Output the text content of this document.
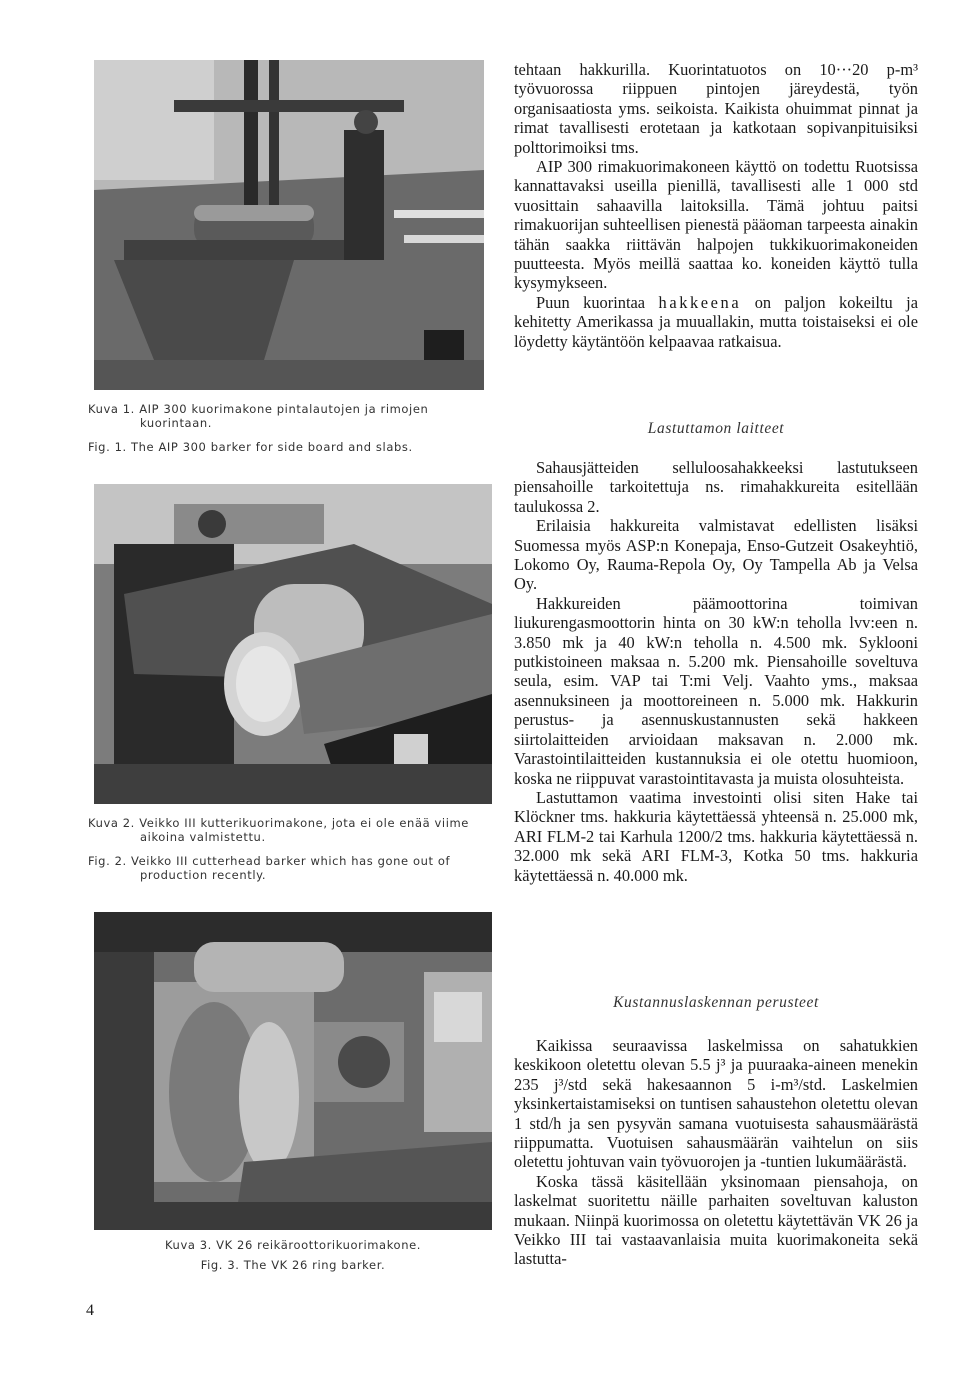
Kuva 1. AIP 300 kuorimakone pintalautojen ja rimojen kuorintaan.

Fig. 1. The AIP 300 barker for side board and slabs.

Kuva 2. Veikko III kutterikuorimakone, jota ei ole enää viime aikoina valmistettu.

Fig. 2. Veikko III cutterhead barker which has gone out of production recently.

Kuva 3. VK 26 reikäroottorikuorimakone.

Fig. 3. The VK 26 ring barker.

tehtaan hakkurilla. Kuorintatuotos on 10···20 p-m³ työvuorossa riippuen pintojen järeydestä, työn organisaatiosta yms. seikoista. Kaikista ohuimmat pinnat ja rimat tavallisesti erotetaan ja katkotaan sopivanpituisiksi polttorimoiksi tms.

AIP 300 rimakuorimakoneen käyttö on todettu Ruotsissa kannattavaksi useilla pienillä, tavallisesti alle 1 000 std vuosittain sahaavilla laitoksilla. Tämä johtuu paitsi rimakuorijan suhteellisen pienestä pääoman tarpeesta ainakin tähän saakka riittävän halpojen tukkikuorimakoneiden puutteesta. Myös meillä saattaa ko. koneiden käyttö tulla kysymykseen.

Puun kuorintaa hakkeena on paljon kokeiltu ja kehitetty Amerikassa ja muuallakin, mutta toistaiseksi ei ole löydetty käytäntöön kelpaavaa ratkaisua.

Lastuttamon laitteet

Sahausjätteiden selluloosahakkeeksi lastutukseen piensahoille tarkoitettuja ns. rimahakkureita esitellään taulukossa 2.

Erilaisia hakkureita valmistavat edellisten lisäksi Suomessa myös ASP:n Konepaja, Enso-Gutzeit Osakeyhtiö, Lokomo Oy, Rauma-Repola Oy, Oy Tampella Ab ja Velsa Oy.

Hakkureiden päämoottorina toimivan liukurengasmoottorin hinta on 30 kW:n teholla lvv:een n. 3.850 mk ja 40 kW:n teholla n. 4.500 mk. Syklooni putkistoineen maksaa n. 5.200 mk. Piensahoille soveltuva seula, esim. VAP tai T:mi Velj. Vaahto yms., maksaa asennuksineen ja moottoreineen n. 5.000 mk. Hakkurin perustus- ja asennuskustannusten sekä hakkeen siirtolaitteiden arvioidaan maksavan n. 2.000 mk. Varastointilaitteiden kustannuksia ei ole otettu huomioon, koska ne riippuvat varastointitavasta ja muista olosuhteista.

Lastuttamon vaatima investointi olisi siten Hake tai Klöckner tms. hakkuria käytettäessä yhteensä n. 25.000 mk, ARI FLM-2 tai Karhula 1200/2 tms. hakkuria käytettäessä n. 32.000 mk sekä ARI FLM-3, Kotka 50 tms. hakkuria käytettäessä n. 40.000 mk.

Kustannuslaskennan perusteet

Kaikissa seuraavissa laskelmissa on sahatukkien keskikoon oletettu olevan 5.5 j³ ja puuraaka-aineen menekin 235 j³/std sekä hakesaannon 5 i-m³/std. Laskelmien yksinkertaistamiseksi on tuntisen sahaustehon oletettu olevan 1 std/h ja sen pysyvän samana vuotuisesta sahausmäärästä riippumatta. Vuotuisen sahausmäärän vaihtelun on siis oletettu johtuvan vain työvuorojen ja -tuntien lukumäärästä.

Koska tässä käsitellään yksinomaan piensahoja, on laskelmat suoritettu näille parhaiten soveltuvan kaluston mukaan. Niinpä kuorimossa on oletettu käytettävän VK 26 ja Veikko III tai vastaavanlaisia muita kuorimakoneita sekä lastutta-

4
